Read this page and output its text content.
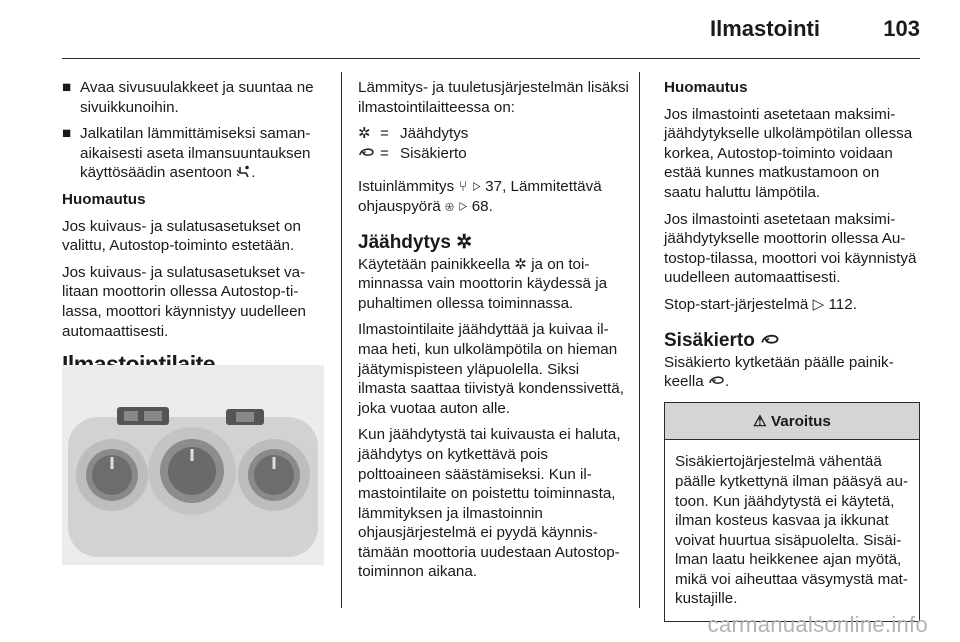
Ilmastointi	103
■ Avaa sivusuulakkeet ja suuntaa ne sivuikkunoihin.
■ Jalkatilan lämmittämiseksi samanaikaisesti aseta ilmansuuntauksen käyttösäädin asentoon .

Huomautus

Jos kuivaus- ja sulatusasetukset on valittu, Autostop-toiminto estetään.

Jos kuivaus- ja sulatusasetukset valitaan moottorin ollessa Autostop-tilassa, moottori käynnistyy uudelleen automaattisesti.

Lämmitys- ja tuuletusjärjestelmän lisäksi ilmastointilaitteessa on:

✲ = Jäähdytys
= Sisäkierto

Istuinlämmitys ⑂ ▷ 37, Lämmitettävä ohjauspyörä ⊛ ▷ 68.

Jäähdytys ✲

Käytetään painikkeella ✲ ja on toiminnassa vain moottorin käydessä ja puhaltimen ollessa toiminnassa.

Ilmastointilaite jäähdyttää ja kuivaa ilmaa heti, kun ulkolämpötila on hieman jäätymispisteen yläpuolella. Siksi ilmasta saattaa tiivistyä kondenssivettä, joka vuotaa auton alle.

Kun jäähdytystä tai kuivausta ei haluta, jäähdytys on kytkettävä pois polttoaineen säästämiseksi. Kun ilmastointilaite on poistettu toiminnasta, lämmityksen ja ilmastoinnin ohjausjärjestelmä ei pyydä käynnistämään moottoria uudestaan Autostop-toiminnon aikana.

Huomautus

Jos ilmastointi asetetaan maksimijäähdytykselle ulkolämpötilan ollessa korkea, Autostop-toiminto voidaan estää kunnes matkustamoon on saatu haluttu lämpötila.

Jos ilmastointi asetetaan maksimijäähdytykselle moottorin ollessa Autostop-tilassa, moottori voi käynnistyä uudelleen automaattisesti.

Stop-start-järjestelmä ▷ 112.

Sisäkierto

Sisäkierto kytketään päälle painikkeella .

⚠ Varoitus
Sisäkiertojärjestelmä vähentää päälle kytkettynä ilman pääsyä autoon. Kun jäähdytystä ei käytetä, ilman kosteus kasvaa ja ikkunat voivat huurtua sisäpuolelta. Sisäilman laatu heikkenee ajan myötä, mikä voi aiheuttaa väsymystä matkustajille.
carmanualsonline.info
